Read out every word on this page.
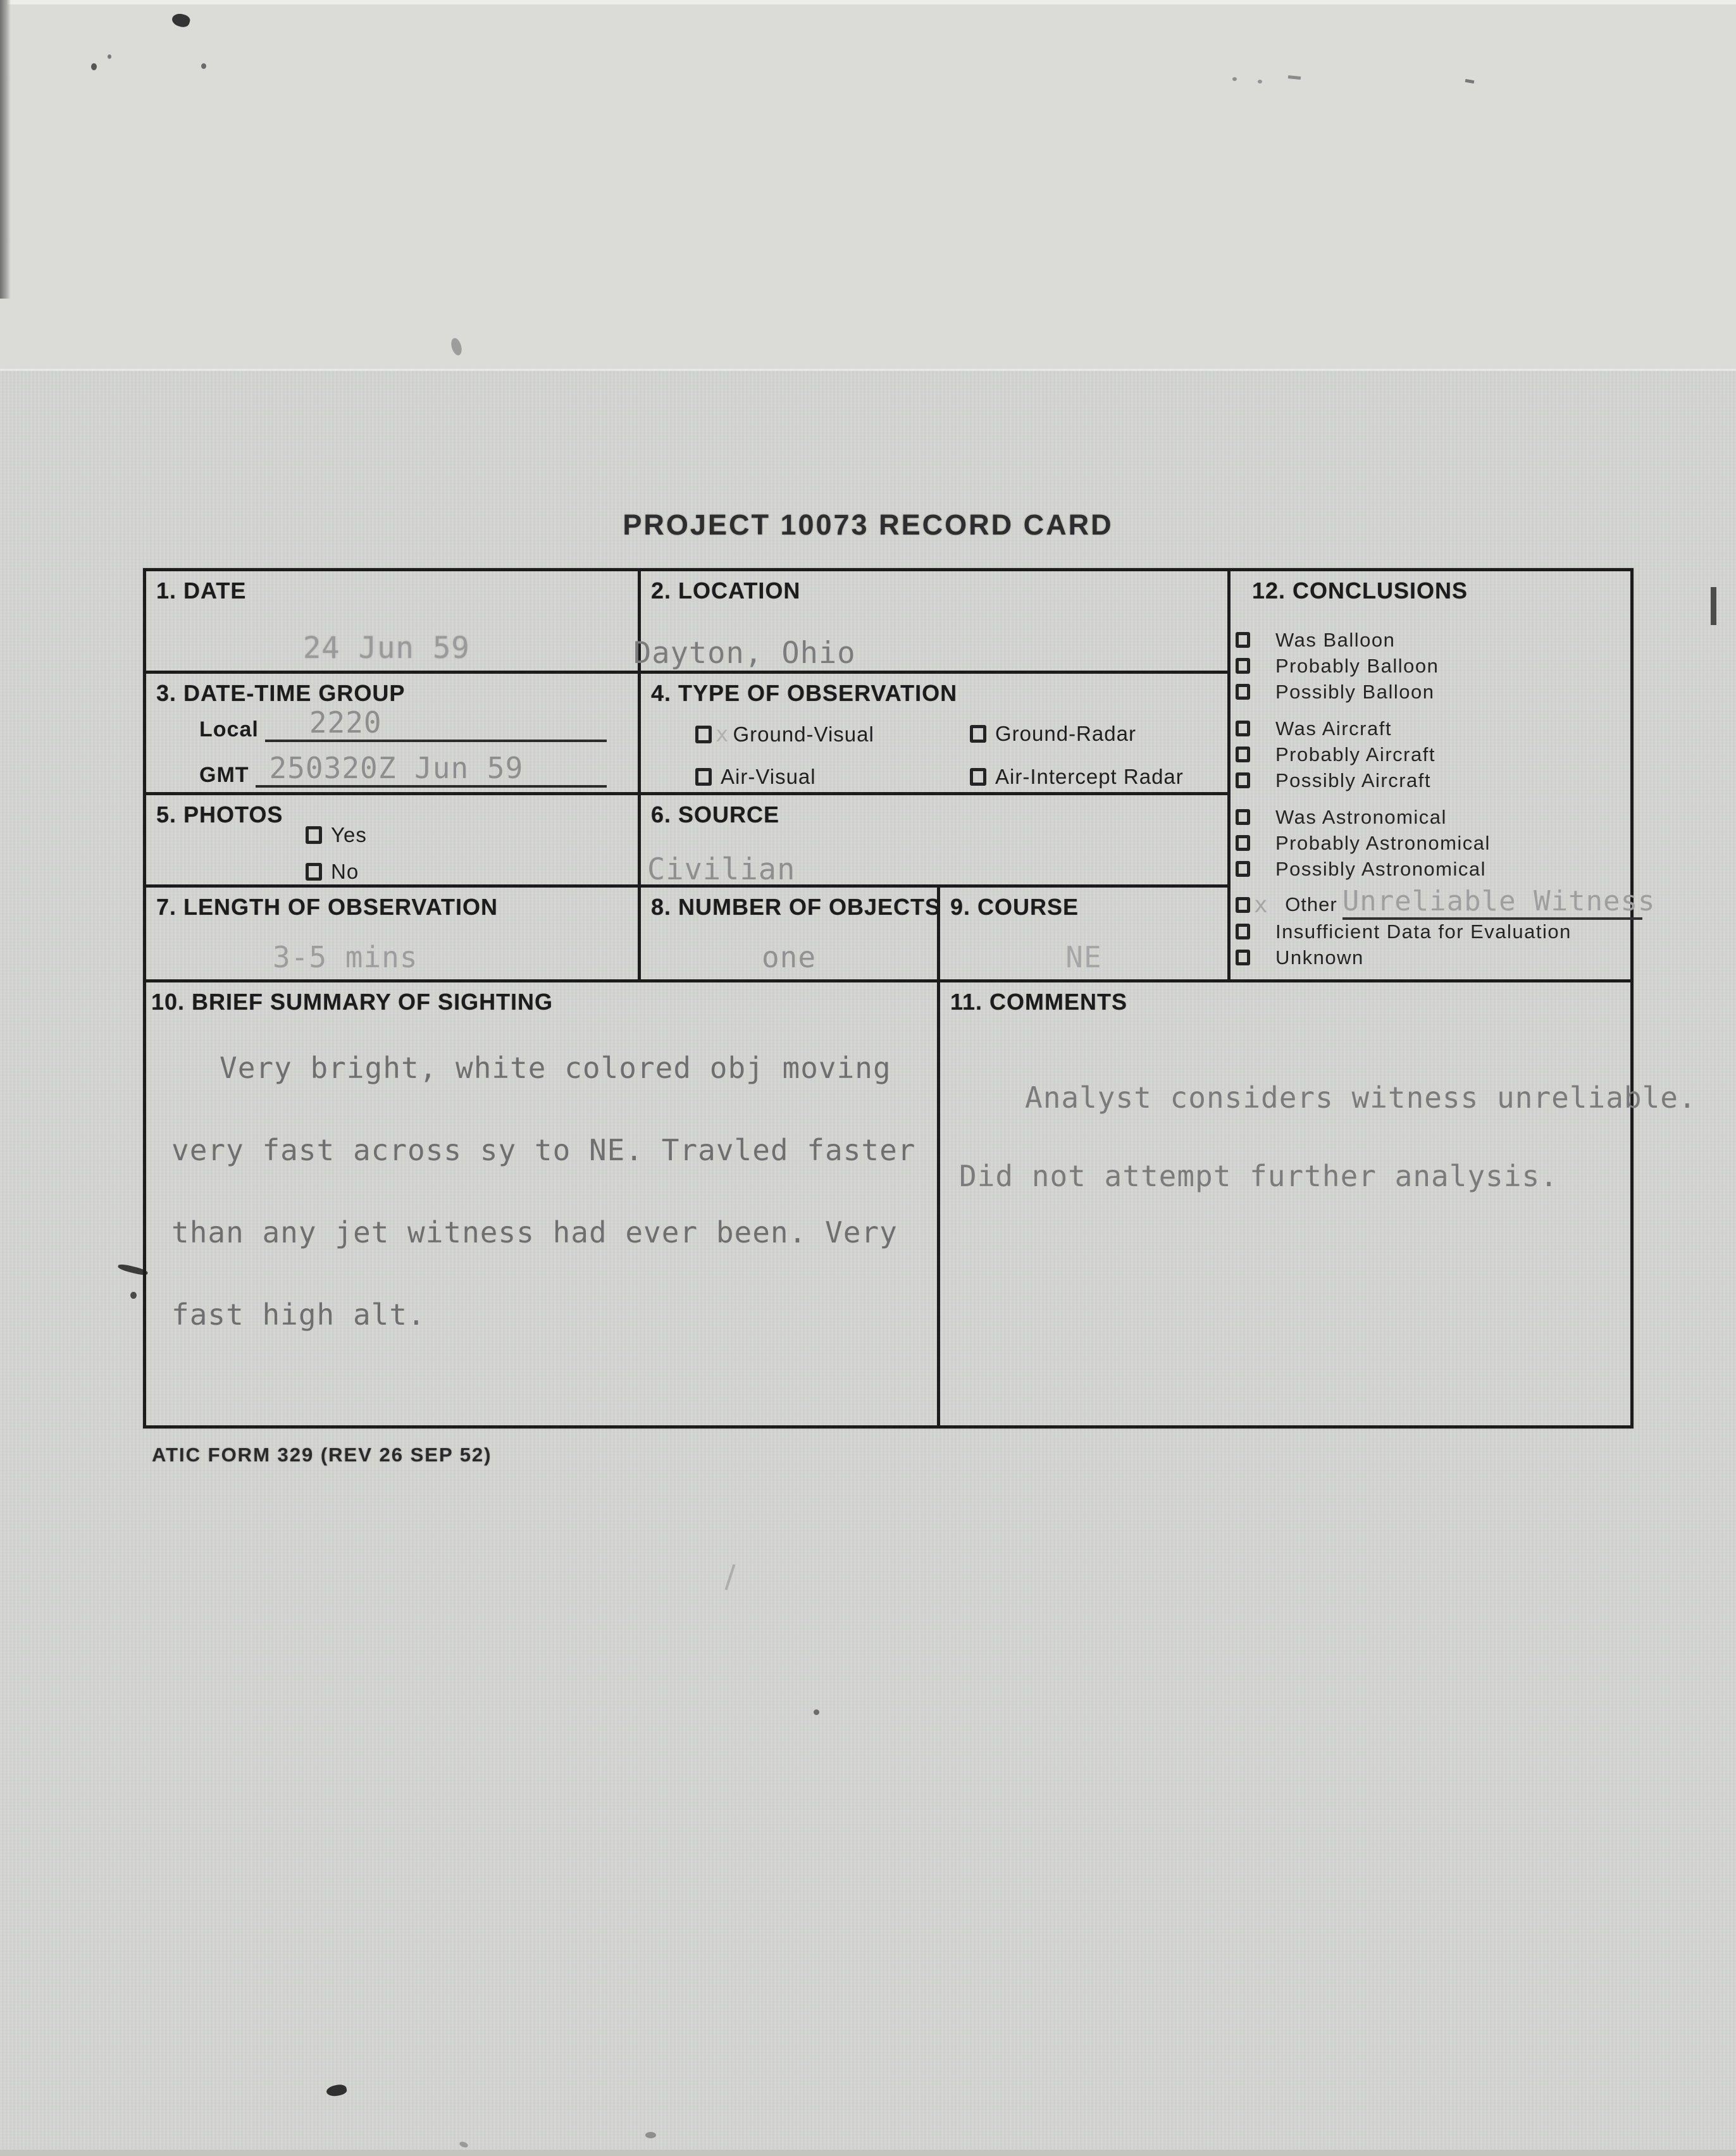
PROJECT 10073 RECORD CARD
1. DATE
24 Jun 59
2. LOCATION
Dayton, Ohio
3. DATE-TIME GROUP
Local 2220
GMT 250320Z Jun 59
4. TYPE OF OBSERVATION
x Ground-Visual	Ground-Radar
Air-Visual	Air-Intercept Radar
5. PHOTOS
Yes
No
6. SOURCE
Civilian
7. LENGTH OF OBSERVATION
3-5 mins
8. NUMBER OF OBJECTS
one
9. COURSE
NE
12. CONCLUSIONS
Was Balloon
Probably Balloon
Possibly Balloon
Was Aircraft
Probably Aircraft
Possibly Aircraft
Was Astronomical
Probably Astronomical
Possibly Astronomical
x Other Unreliable Witness
Insufficient Data for Evaluation
Unknown
10. BRIEF SUMMARY OF SIGHTING
Very bright, white colored obj moving
very fast across sy to NE. Travled faster
than any jet witness had ever been. Very
fast high alt.
11. COMMENTS
Analyst considers witness unreliable.
Did not attempt further analysis.
ATIC FORM 329 (REV 26 SEP 52)
